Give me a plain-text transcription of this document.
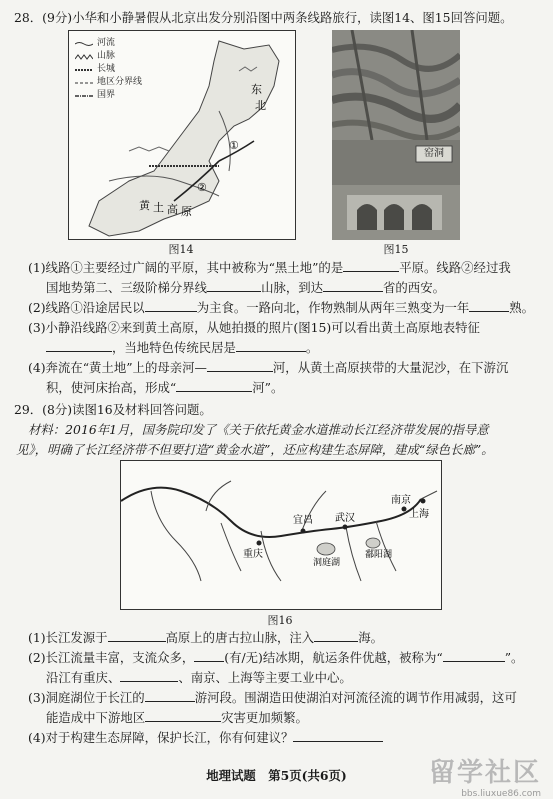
28．(9分)小华和小静暑假从北京出发分别沿图中两条线路旅行，读图14、图15回答问题。
河流
山脉
长城
地区分界线
国界	东
北
黄 土 高 原
①
②
图14
窑洞
图15
(1)线路①主要经过广阔的平原，其中被称为“黑土地”的是	平原。线路②经过我
国地势第二、三级阶梯分界线	山脉，到达	省的西安。
(2)线路①沿途居民以	为主食。一路向北，作物熟制从两年三熟变为一年	熟。
(3)小静沿线路②来到黄土高原，从她拍摄的照片(图15)可以看出黄土高原地表特征
，当地特色传统民居是	。
(4)奔流在“黄土地”上的母亲河—	河，从黄土高原挟带的大量泥沙，在下游沉
积，使河床抬高，形成“	河”。
29．(8分)读图16及材料回答问题。
材料：2016年1月，国务院印发了《关于依托黄金水道推动长江经济带发展的指导意
见》，明确了长江经济带不但要打造“黄金水道”，还应构建生态屏障，建成“绿色长廊”。
重庆
宜昌 武汉
南京
上海
洞庭湖
鄱阳湖
图16
(1)长江发源于	高原上的唐古拉山脉，注入	海。
(2)长江流量丰富，支流众多， (有/无)结冰期，航运条件优越，被称为“	”。
沿江有重庆、	、南京、上海等主要工业中心。
(3)洞庭湖位于长江的	游河段。围湖造田使湖泊对河流径流的调节作用减弱，这可
能造成中下游地区	灾害更加频繁。
(4)对于构建生态屏障，保护长江，你有何建议？
地理试题　第5页(共6页)	留学社区
bbs.liuxue86.com
